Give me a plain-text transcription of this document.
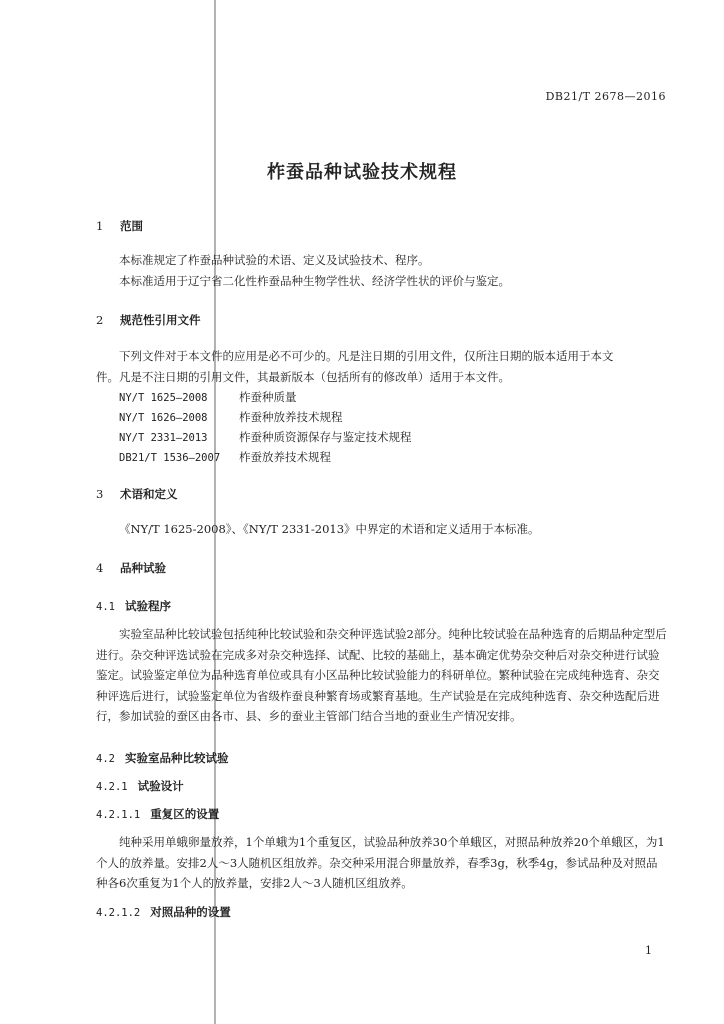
DB21/T 2678—2016
柞蚕品种试验技术规程
1 范围
本标准规定了柞蚕品种试验的术语、定义及试验技术、程序。
本标准适用于辽宁省二化性柞蚕品种生物学性状、经济学性状的评价与鉴定。
2 规范性引用文件
下列文件对于本文件的应用是必不可少的。凡是注日期的引用文件，仅所注日期的版本适用于本文
件。凡是不注日期的引用文件，其最新版本（包括所有的修改单）适用于本文件。
NY/T 1625—2008	柞蚕种质量
NY/T 1626—2008	柞蚕种放养技术规程
NY/T 2331—2013	柞蚕种质资源保存与鉴定技术规程
DB21/T 1536—2007 柞蚕放养技术规程
3 术语和定义
《NY/T 1625-2008》、《NY/T 2331-2013》中界定的术语和定义适用于本标准。
4 品种试验
4.1 试验程序
实验室品种比较试验包括纯种比较试验和杂交种评选试验2部分。纯种比较试验在品种选育的后期品种定型后进行。杂交种评选试验在完成多对杂交种选择、试配、比较的基础上，基本确定优势杂交种后对杂交种进行试验鉴定。试验鉴定单位为品种选育单位或具有小区品种比较试验能力的科研单位。繁种试验在完成纯种选育、杂交种评选后进行，试验鉴定单位为省级柞蚕良种繁育场或繁育基地。生产试验是在完成纯种选育、杂交种选配后进行，参加试验的蚕区由各市、县、乡的蚕业主管部门结合当地的蚕业生产情况安排。
4.2 实验室品种比较试验
4.2.1 试验设计
4.2.1.1 重复区的设置
纯种采用单蛾卵量放养，1个单蛾为1个重复区，试验品种放养30个单蛾区，对照品种放养20个单蛾区，为1个人的放养量。安排2人～3人随机区组放养。杂交种采用混合卵量放养，春季3g，秋季4g，参试品种及对照品种各6次重复为1个人的放养量，安排2人～3人随机区组放养。
4.2.1.2 对照品种的设置
1
